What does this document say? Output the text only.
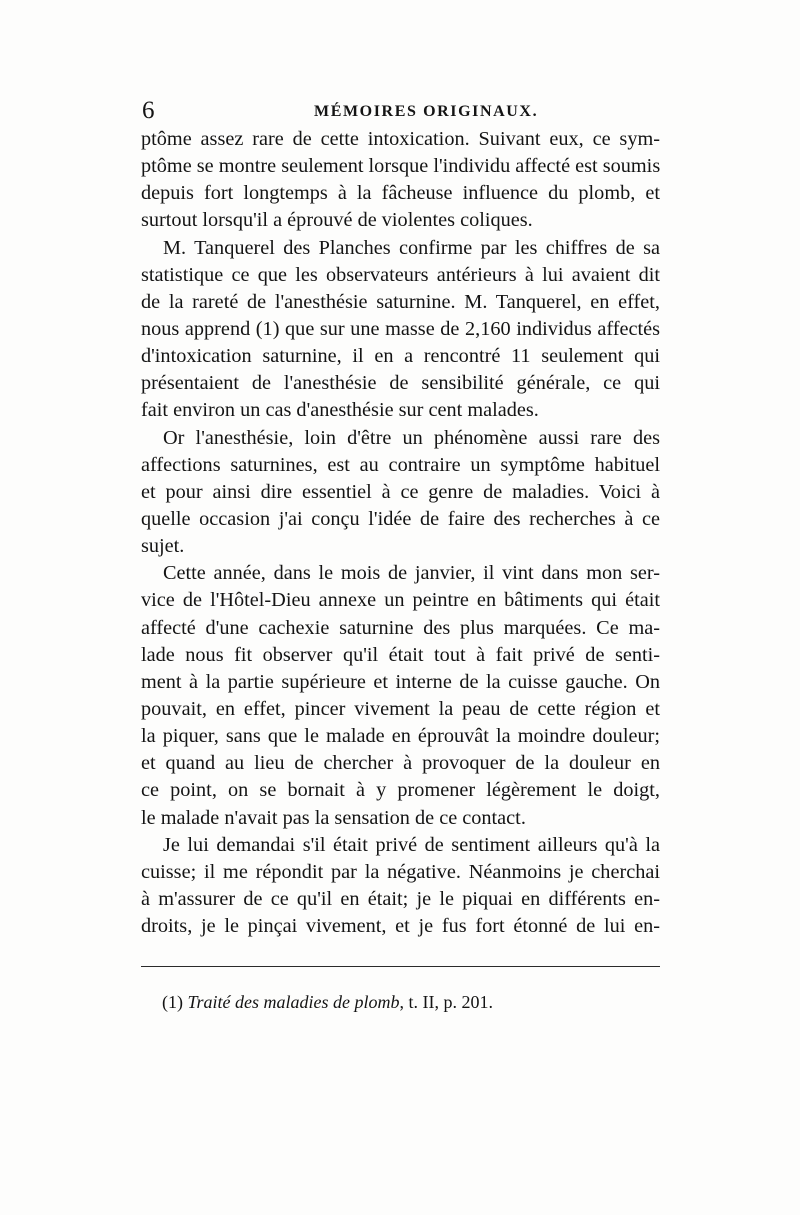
6	MÉMOIRES ORIGINAUX.
ptôme assez rare de cette intoxication. Suivant eux, ce sym-
ptôme se montre seulement lorsque l'individu affecté est soumis
depuis fort longtemps à la fâcheuse influence du plomb, et
surtout lorsqu'il a éprouvé de violentes coliques.
M. Tanquerel des Planches confirme par les chiffres de sa
statistique ce que les observateurs antérieurs à lui avaient dit
de la rareté de l'anesthésie saturnine. M. Tanquerel, en effet,
nous apprend (1) que sur une masse de 2,160 individus affectés
d'intoxication saturnine, il en a rencontré 11 seulement qui
présentaient de l'anesthésie de sensibilité générale, ce qui
fait environ un cas d'anesthésie sur cent malades.
Or l'anesthésie, loin d'être un phénomène aussi rare des
affections saturnines, est au contraire un symptôme habituel
et pour ainsi dire essentiel à ce genre de maladies. Voici à
quelle occasion j'ai conçu l'idée de faire des recherches à ce
sujet.
Cette année, dans le mois de janvier, il vint dans mon ser-
vice de l'Hôtel-Dieu annexe un peintre en bâtiments qui était
affecté d'une cachexie saturnine des plus marquées. Ce ma-
lade nous fit observer qu'il était tout à fait privé de senti-
ment à la partie supérieure et interne de la cuisse gauche. On
pouvait, en effet, pincer vivement la peau de cette région et
la piquer, sans que le malade en éprouvât la moindre douleur;
et quand au lieu de chercher à provoquer de la douleur en
ce point, on se bornait à y promener légèrement le doigt,
le malade n'avait pas la sensation de ce contact.
Je lui demandai s'il était privé de sentiment ailleurs qu'à la
cuisse; il me répondit par la négative. Néanmoins je cherchai
à m'assurer de ce qu'il en était; je le piquai en différents en-
droits, je le pinçai vivement, et je fus fort étonné de lui en-
(1) Traité des maladies de plomb, t. II, p. 201.
